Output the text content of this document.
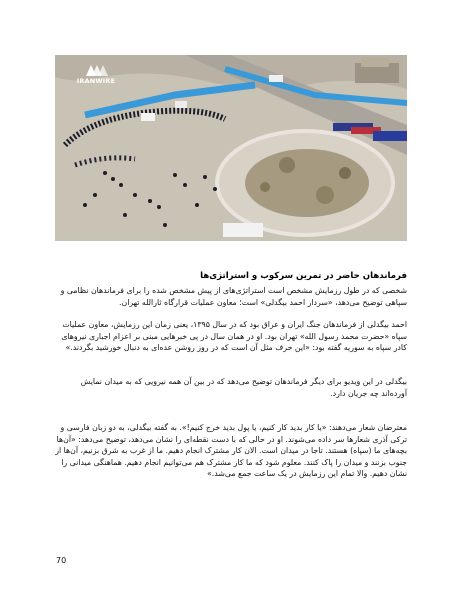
IRANWIRE
فرماندهان حاضر در تمرین سرکوب و استراتژی‌ها

شخصی که در طول رزمایش مشخص است استراتژی‌های از پیش مشخص شده را برای فرماندهان نظامی و سپاهی توضیح می‌دهد، «سردار احمد بیگدلی» است؛ معاون عملیات قرارگاه ثارالله تهران.

احمد بیگدلی از فرماندهان جنگ ایران و عراق بود که در سال ۱۳۹۵، یعنی زمان این رزمایش، معاون عملیات سپاه «حضرت محمد رسول الله» تهران بود. او در همان سال در پی خبرهایی مبنی بر اعزام اجباری نیروهای کادر سپاه به سوریه گفته بود: «این حرف مثل آن است که در روز روشن عده‌ای به دنبال خورشید بگردند.»

بیگدلی در این ویدیو برای دیگر فرماندهان توضیح می‌دهد که در بین آن همه نیرویی که به میدان نمایش آورده‌اند چه جریان دارد.

معترضان شعار می‌دهند: «یا کار بدید کار کنیم، یا پول بدید خرج کنیم!». به گفته بیگدلی، به دو زبان فارسی و ترکی آذری شعارها سر داده می‌شوند. او در حالی که با دست نقطه‌ای را نشان می‌دهد، توضیح می‌دهد: «آن‌ها بچه‌های ما (سپاه) هستند. تا‌جا در میدان است. الان کار مشترک انجام دهیم. ما از غرب به شرق بزنیم، آن‌ها از جنوب بزنند و میدان را پاک کنند. معلوم شود که ما کار مشترک هم می‌توانیم انجام دهیم. هماهنگی میدانی را نشان دهیم. والا تمام این رزمایش در یک ساعت جمع می‌شد.»

70
